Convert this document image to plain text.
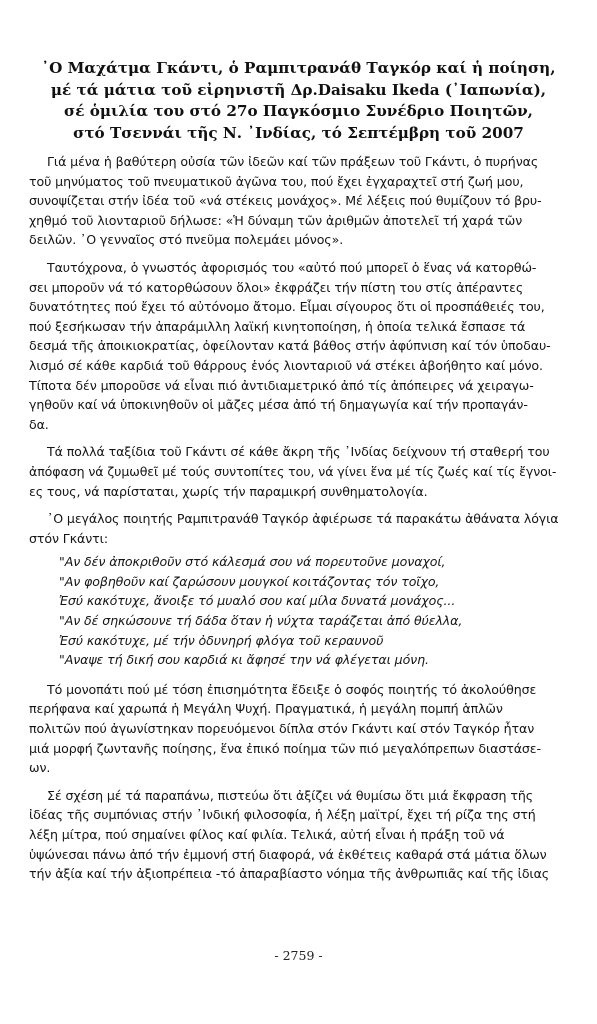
᾿Ο Μαχάτμα Γκάντι, ὁ Ραμπιτρανάθ Ταγκόρ καί ἡ ποίηση,
μέ τά μάτια τοῦ εἰρηνιστῆ Δρ.Daisaku Ikeda (᾿Ιαπωνία),
σέ ὁμιλία του στό 27ο Παγκόσμιο Συνέδριο Ποιητῶν,
στό Τσεννάι τῆς Ν. ᾿Ινδίας, τό Σεπτέμβρη τοῦ 2007

Γιά μένα ἡ βαθύτερη οὐσία τῶν ἰδεῶν καί τῶν πράξεων τοῦ Γκάντι, ὁ πυρήνας
τοῦ μηνύματος τοῦ πνευματικοῦ ἀγῶνα του, πού ἔχει ἐγχαραχτεῖ στή ζωή μου,
συνοψίζεται στήν ἰδέα τοῦ «νά στέκεις μονάχος». Μέ λέξεις πού θυμίζουν τό βρυ-
χηθμό τοῦ λιονταριοῦ δήλωσε: «Ἡ δύναμη τῶν ἀριθμῶν ἀποτελεῖ τή χαρά τῶν
δειλῶν. ᾿Ο γενναῖος στό πνεῦμα πολεμάει μόνος».

Ταυτόχρονα, ὁ γνωστός ἀφορισμός του «αὐτό πού μπορεῖ ὁ ἕνας νά κατορθώ-
σει μποροῦν νά τό κατορθώσουν ὅλοι» ἐκφράζει τήν πίστη του στίς ἀπέραντες
δυνατότητες πού ἔχει τό αὐτόνομο ἄτομο. Εἶμαι σίγουρος ὅτι οἱ προσπάθειές του,
πού ξεσήκωσαν τήν ἀπαράμιλλη λαϊκή κινητοποίηση, ἡ ὁποία τελικά ἔσπασε τά
δεσμά τῆς ἀποικιοκρατίας, ὀφείλονταν κατά βάθος στήν ἀφύπνιση καί τόν ὑποδαυ-
λισμό σέ κάθε καρδιά τοῦ θάρρους ἑνός λιονταριοῦ νά στέκει ἀβοήθητο καί μόνο.
Τίποτα δέν μποροῦσε νά εἶναι πιό ἀντιδιαμετρικό ἀπό τίς ἀπόπειρες νά χειραγω-
γηθοῦν καί νά ὑποκινηθοῦν οἱ μᾶζες μέσα ἀπό τή δημαγωγία καί τήν προπαγάν-
δα.

Τά πολλά ταξίδια τοῦ Γκάντι σέ κάθε ἄκρη τῆς ᾿Ινδίας δείχνουν τή σταθερή του
ἀπόφαση νά ζυμωθεῖ μέ τούς συντοπίτες του, νά γίνει ἕνα μέ τίς ζωές καί τίς ἔγνοι-
ες τους, νά παρίσταται, χωρίς τήν παραμικρή συνθηματολογία.

᾿Ο μεγάλος ποιητής Ραμπιτρανάθ Ταγκόρ ἀφιέρωσε τά παρακάτω ἀθάνατα λόγια
στόν Γκάντι:

"Αν δέν ἀποκριθοῦν στό κάλεσμά σου νά πορευτοῦνε μοναχοί,
"Αν φοβηθοῦν καί ζαρώσουν μουγκοί κοιτάζοντας τόν τοῖχο,
Ἐσύ κακότυχε, ἄνοιξε τό μυαλό σου καί μίλα δυνατά μονάχος...
"Αν δέ σηκώσουνε τή δάδα ὅταν ἡ νύχτα ταράζεται ἀπό θύελλα,
Ἐσύ κακότυχε, μέ τήν ὀδυνηρή φλόγα τοῦ κεραυνοῦ
"Αναψε τή δική σου καρδιά κι ἄφησέ την νά φλέγεται μόνη.

Τό μονοπάτι πού μέ τόση ἐπισημότητα ἔδειξε ὁ σοφός ποιητής τό ἀκολούθησε
περήφανα καί χαρωπά ἡ Μεγάλη Ψυχή. Πραγματικά, ἡ μεγάλη πομπή ἁπλῶν
πολιτῶν πού ἀγωνίστηκαν πορευόμενοι δίπλα στόν Γκάντι καί στόν Ταγκόρ ἦταν
μιά μορφή ζωντανῆς ποίησης, ἕνα ἐπικό ποίημα τῶν πιό μεγαλόπρεπων διαστάσε-
ων.

Σέ σχέση μέ τά παραπάνω, πιστεύω ὅτι ἀξίζει νά θυμίσω ὅτι μιά ἔκφραση τῆς
ἰδέας τῆς συμπόνιας στήν ᾿Ινδική φιλοσοφία, ἡ λέξη μαϊτρί, ἔχει τή ρίζα της στή
λέξη μίτρα, πού σημαίνει φίλος καί φιλία. Τελικά, αὐτή εἶναι ἡ πράξη τοῦ νά
ὑψώνεσαι πάνω ἀπό τήν ἐμμονή στή διαφορά, νά ἐκθέτεις καθαρά στά μάτια ὅλων
τήν ἀξία καί τήν ἀξιοπρέπεια -τό ἀπαραβίαστο νόημα τῆς ἀνθρωπιᾶς καί τῆς ἰδιας

- 2759 -
